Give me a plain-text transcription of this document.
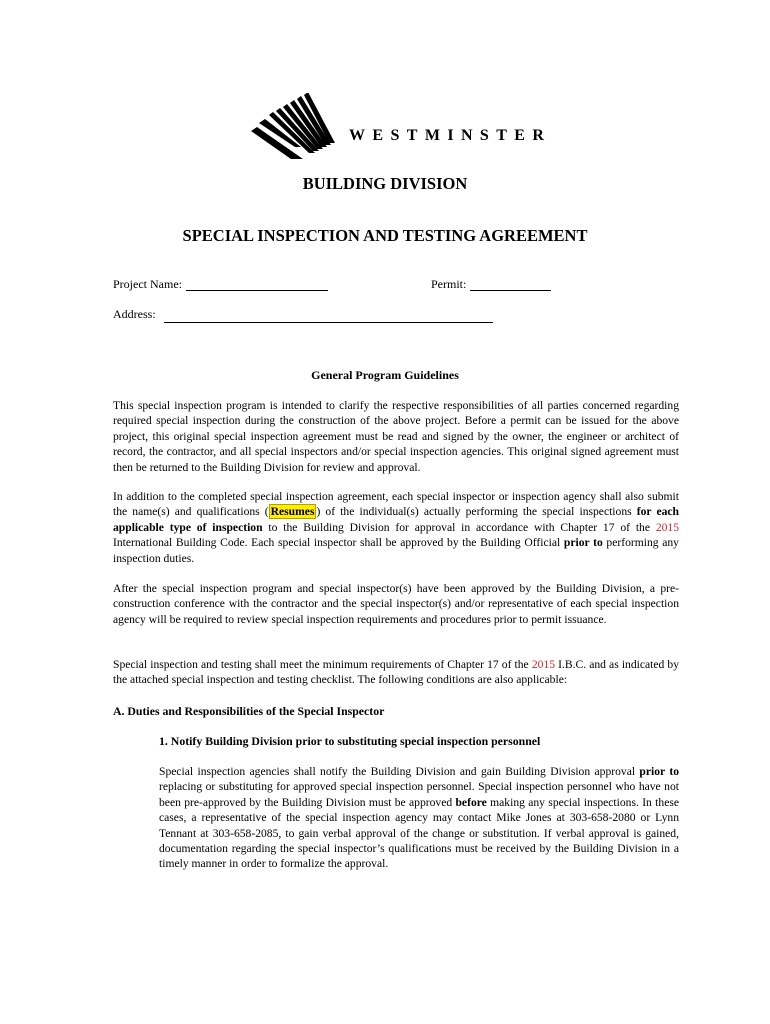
WESTMINSTER
BUILDING DIVISION
SPECIAL INSPECTION AND TESTING AGREEMENT
Project Name:	Permit:
Address:
General Program Guidelines
This special inspection program is intended to clarify the respective responsibilities of all parties concerned regarding required special inspection during the construction of the above project. Before a permit can be issued for the above project, this original special inspection agreement must be read and signed by the owner, the engineer or architect of record, the contractor, and all special inspectors and/or special inspection agencies. This original signed agreement must then be returned to the Building Division for review and approval.
In addition to the completed special inspection agreement, each special inspector or inspection agency shall also submit the name(s) and qualifications ( Resumes ) of the individual(s) actually performing the special inspections for each applicable type of inspection to the Building Division for approval in accordance with Chapter 17 of the 2015 International Building Code. Each special inspector shall be approved by the Building Official prior to performing any inspection duties.
After the special inspection program and special inspector(s) have been approved by the Building Division, a pre-construction conference with the contractor and the special inspector(s) and/or representative of each special inspection agency will be required to review special inspection requirements and procedures prior to permit issuance.
Special inspection and testing shall meet the minimum requirements of Chapter 17 of the 2015 I.B.C. and as indicated by the attached special inspection and testing checklist. The following conditions are also applicable:
A. Duties and Responsibilities of the Special Inspector
1. Notify Building Division prior to substituting special inspection personnel
Special inspection agencies shall notify the Building Division and gain Building Division approval prior to replacing or substituting for approved special inspection personnel. Special inspection personnel who have not been pre-approved by the Building Division must be approved before making any special inspections. In these cases, a representative of the special inspection agency may contact Mike Jones at 303-658-2080 or Lynn Tennant at 303-658-2085, to gain verbal approval of the change or substitution. If verbal approval is gained, documentation regarding the special inspector’s qualifications must be received by the Building Division in a timely manner in order to formalize the approval.
